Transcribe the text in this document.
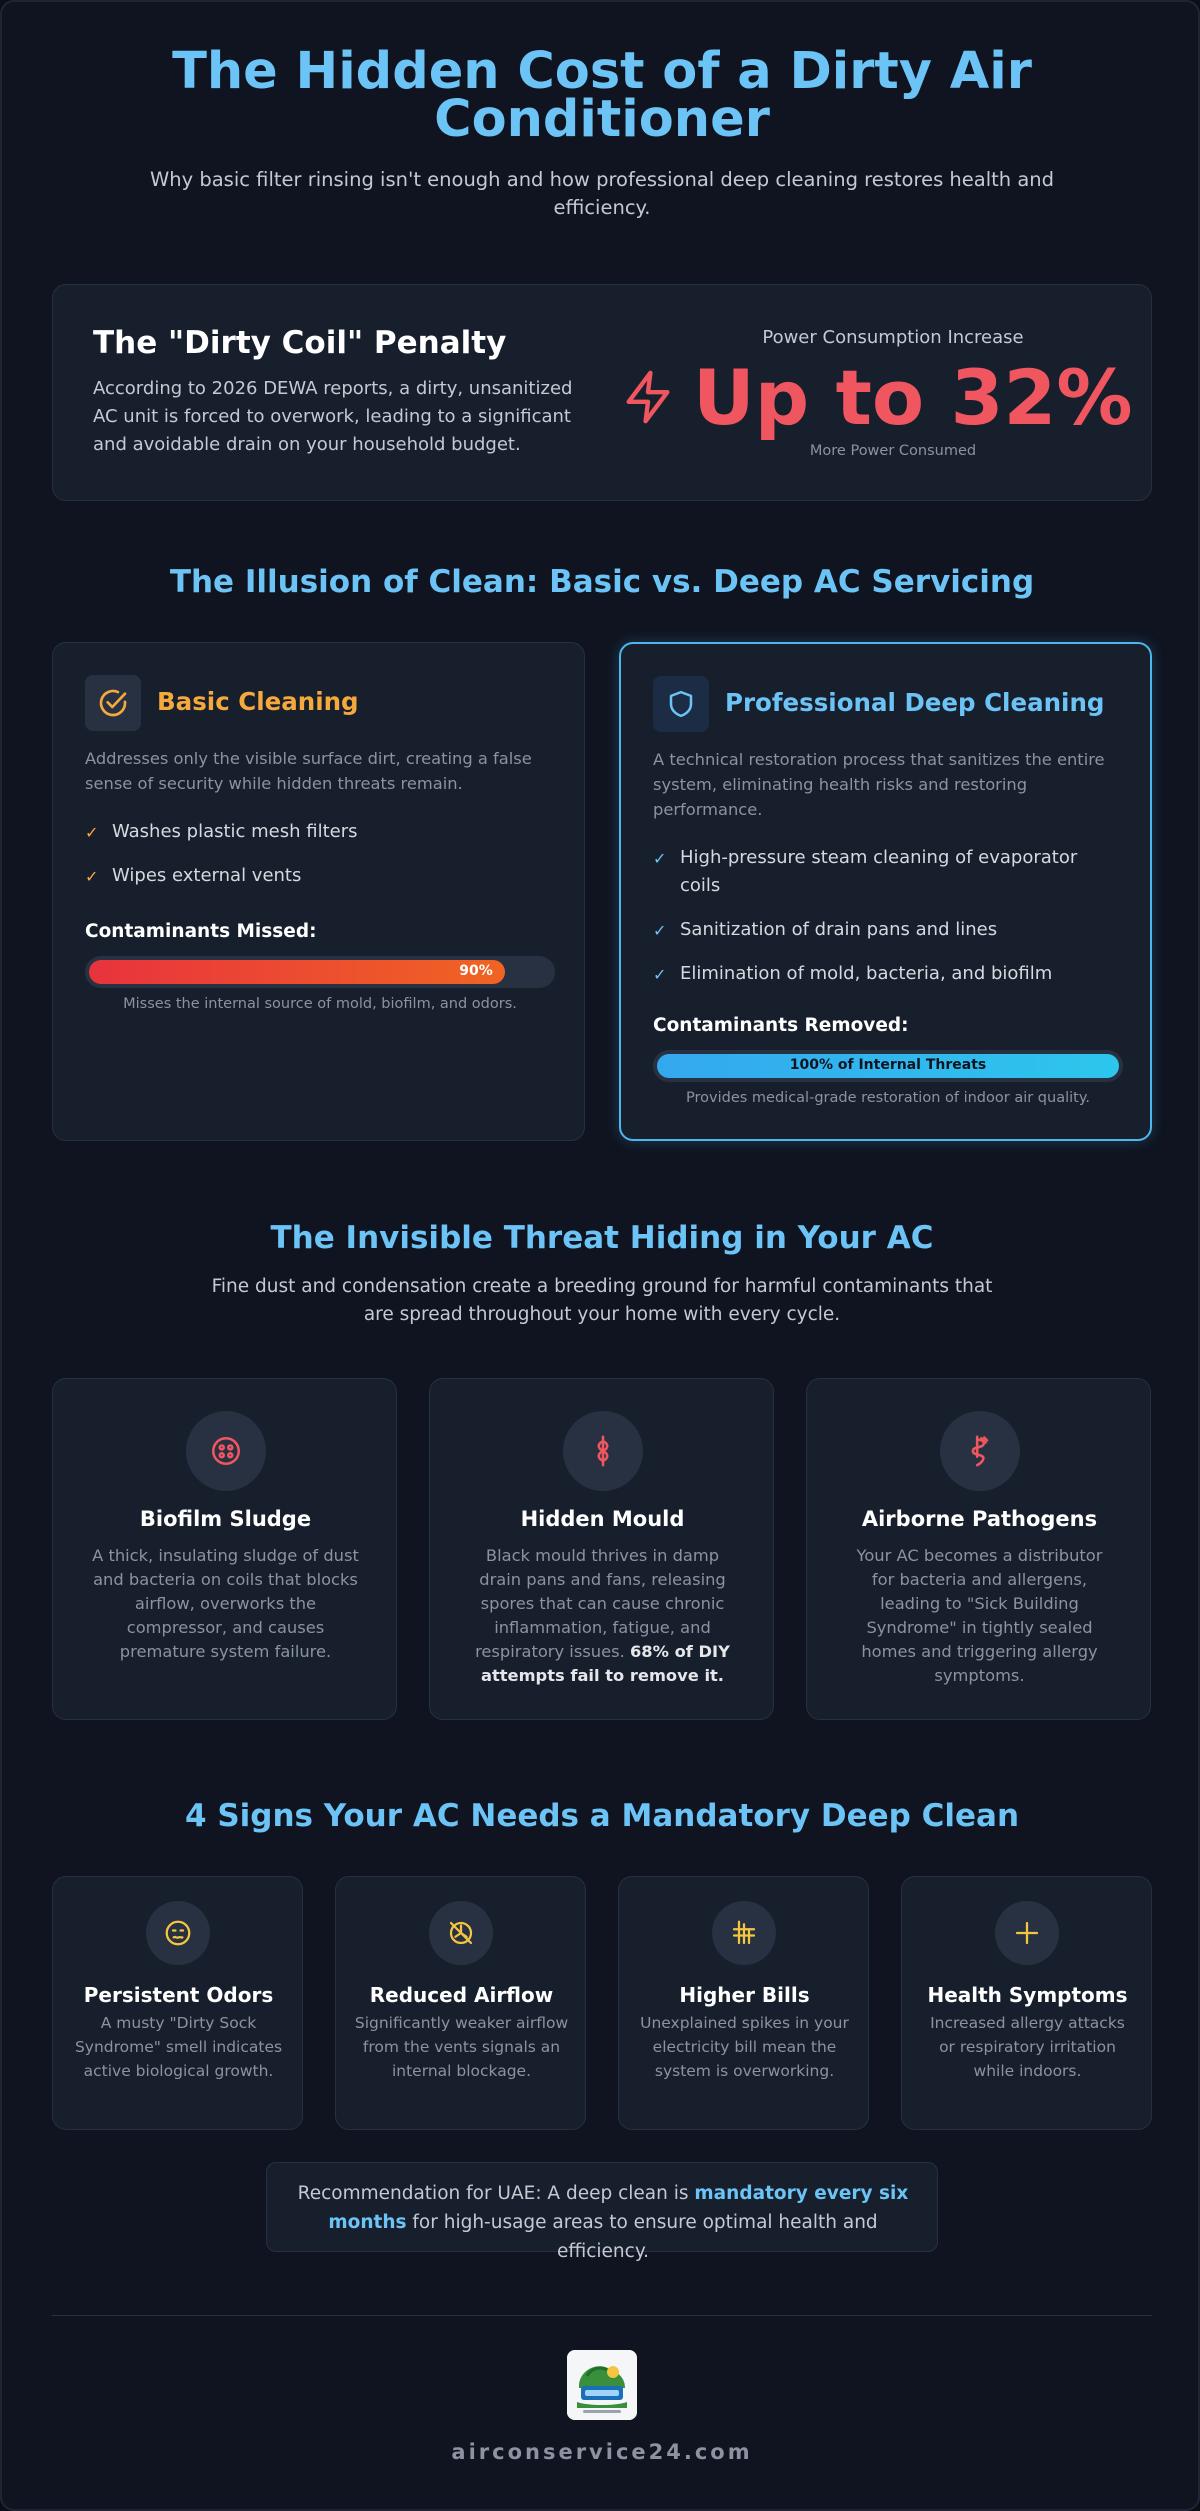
The Hidden Cost of a Dirty Air Conditioner
Why basic filter rinsing isn't enough and how professional deep cleaning restores health and efficiency.
The "Dirty Coil" Penalty
According to 2026 DEWA reports, a dirty, unsanitized AC unit is forced to overwork, leading to a significant and avoidable drain on your household budget.
Power Consumption Increase
Up to 32%
More Power Consumed
The Illusion of Clean: Basic vs. Deep AC Servicing
Basic Cleaning
Addresses only the visible surface dirt, creating a false sense of security while hidden threats remain.
✓ Washes plastic mesh filters
✓ Wipes external vents
Contaminants Missed:
90%
Misses the internal source of mold, biofilm, and odors.
Professional Deep Cleaning
A technical restoration process that sanitizes the entire system, eliminating health risks and restoring performance.
✓ High-pressure steam cleaning of evaporator coils
✓ Sanitization of drain pans and lines
✓ Elimination of mold, bacteria, and biofilm
Contaminants Removed:
100% of Internal Threats
Provides medical-grade restoration of indoor air quality.
The Invisible Threat Hiding in Your AC
Fine dust and condensation create a breeding ground for harmful contaminants that are spread throughout your home with every cycle.
Biofilm Sludge
A thick, insulating sludge of dust and bacteria on coils that blocks airflow, overworks the compressor, and causes premature system failure.
Hidden Mould
Black mould thrives in damp drain pans and fans, releasing spores that can cause chronic inflammation, fatigue, and respiratory issues. 68% of DIY attempts fail to remove it.
Airborne Pathogens
Your AC becomes a distributor for bacteria and allergens, leading to "Sick Building Syndrome" in tightly sealed homes and triggering allergy symptoms.
4 Signs Your AC Needs a Mandatory Deep Clean
Persistent Odors
A musty "Dirty Sock Syndrome" smell indicates active biological growth.
Reduced Airflow
Significantly weaker airflow from the vents signals an internal blockage.
Higher Bills
Unexplained spikes in your electricity bill mean the system is overworking.
Health Symptoms
Increased allergy attacks or respiratory irritation while indoors.
Recommendation for UAE: A deep clean is mandatory every six months for high-usage areas to ensure optimal health and efficiency.
airconservice24.com
